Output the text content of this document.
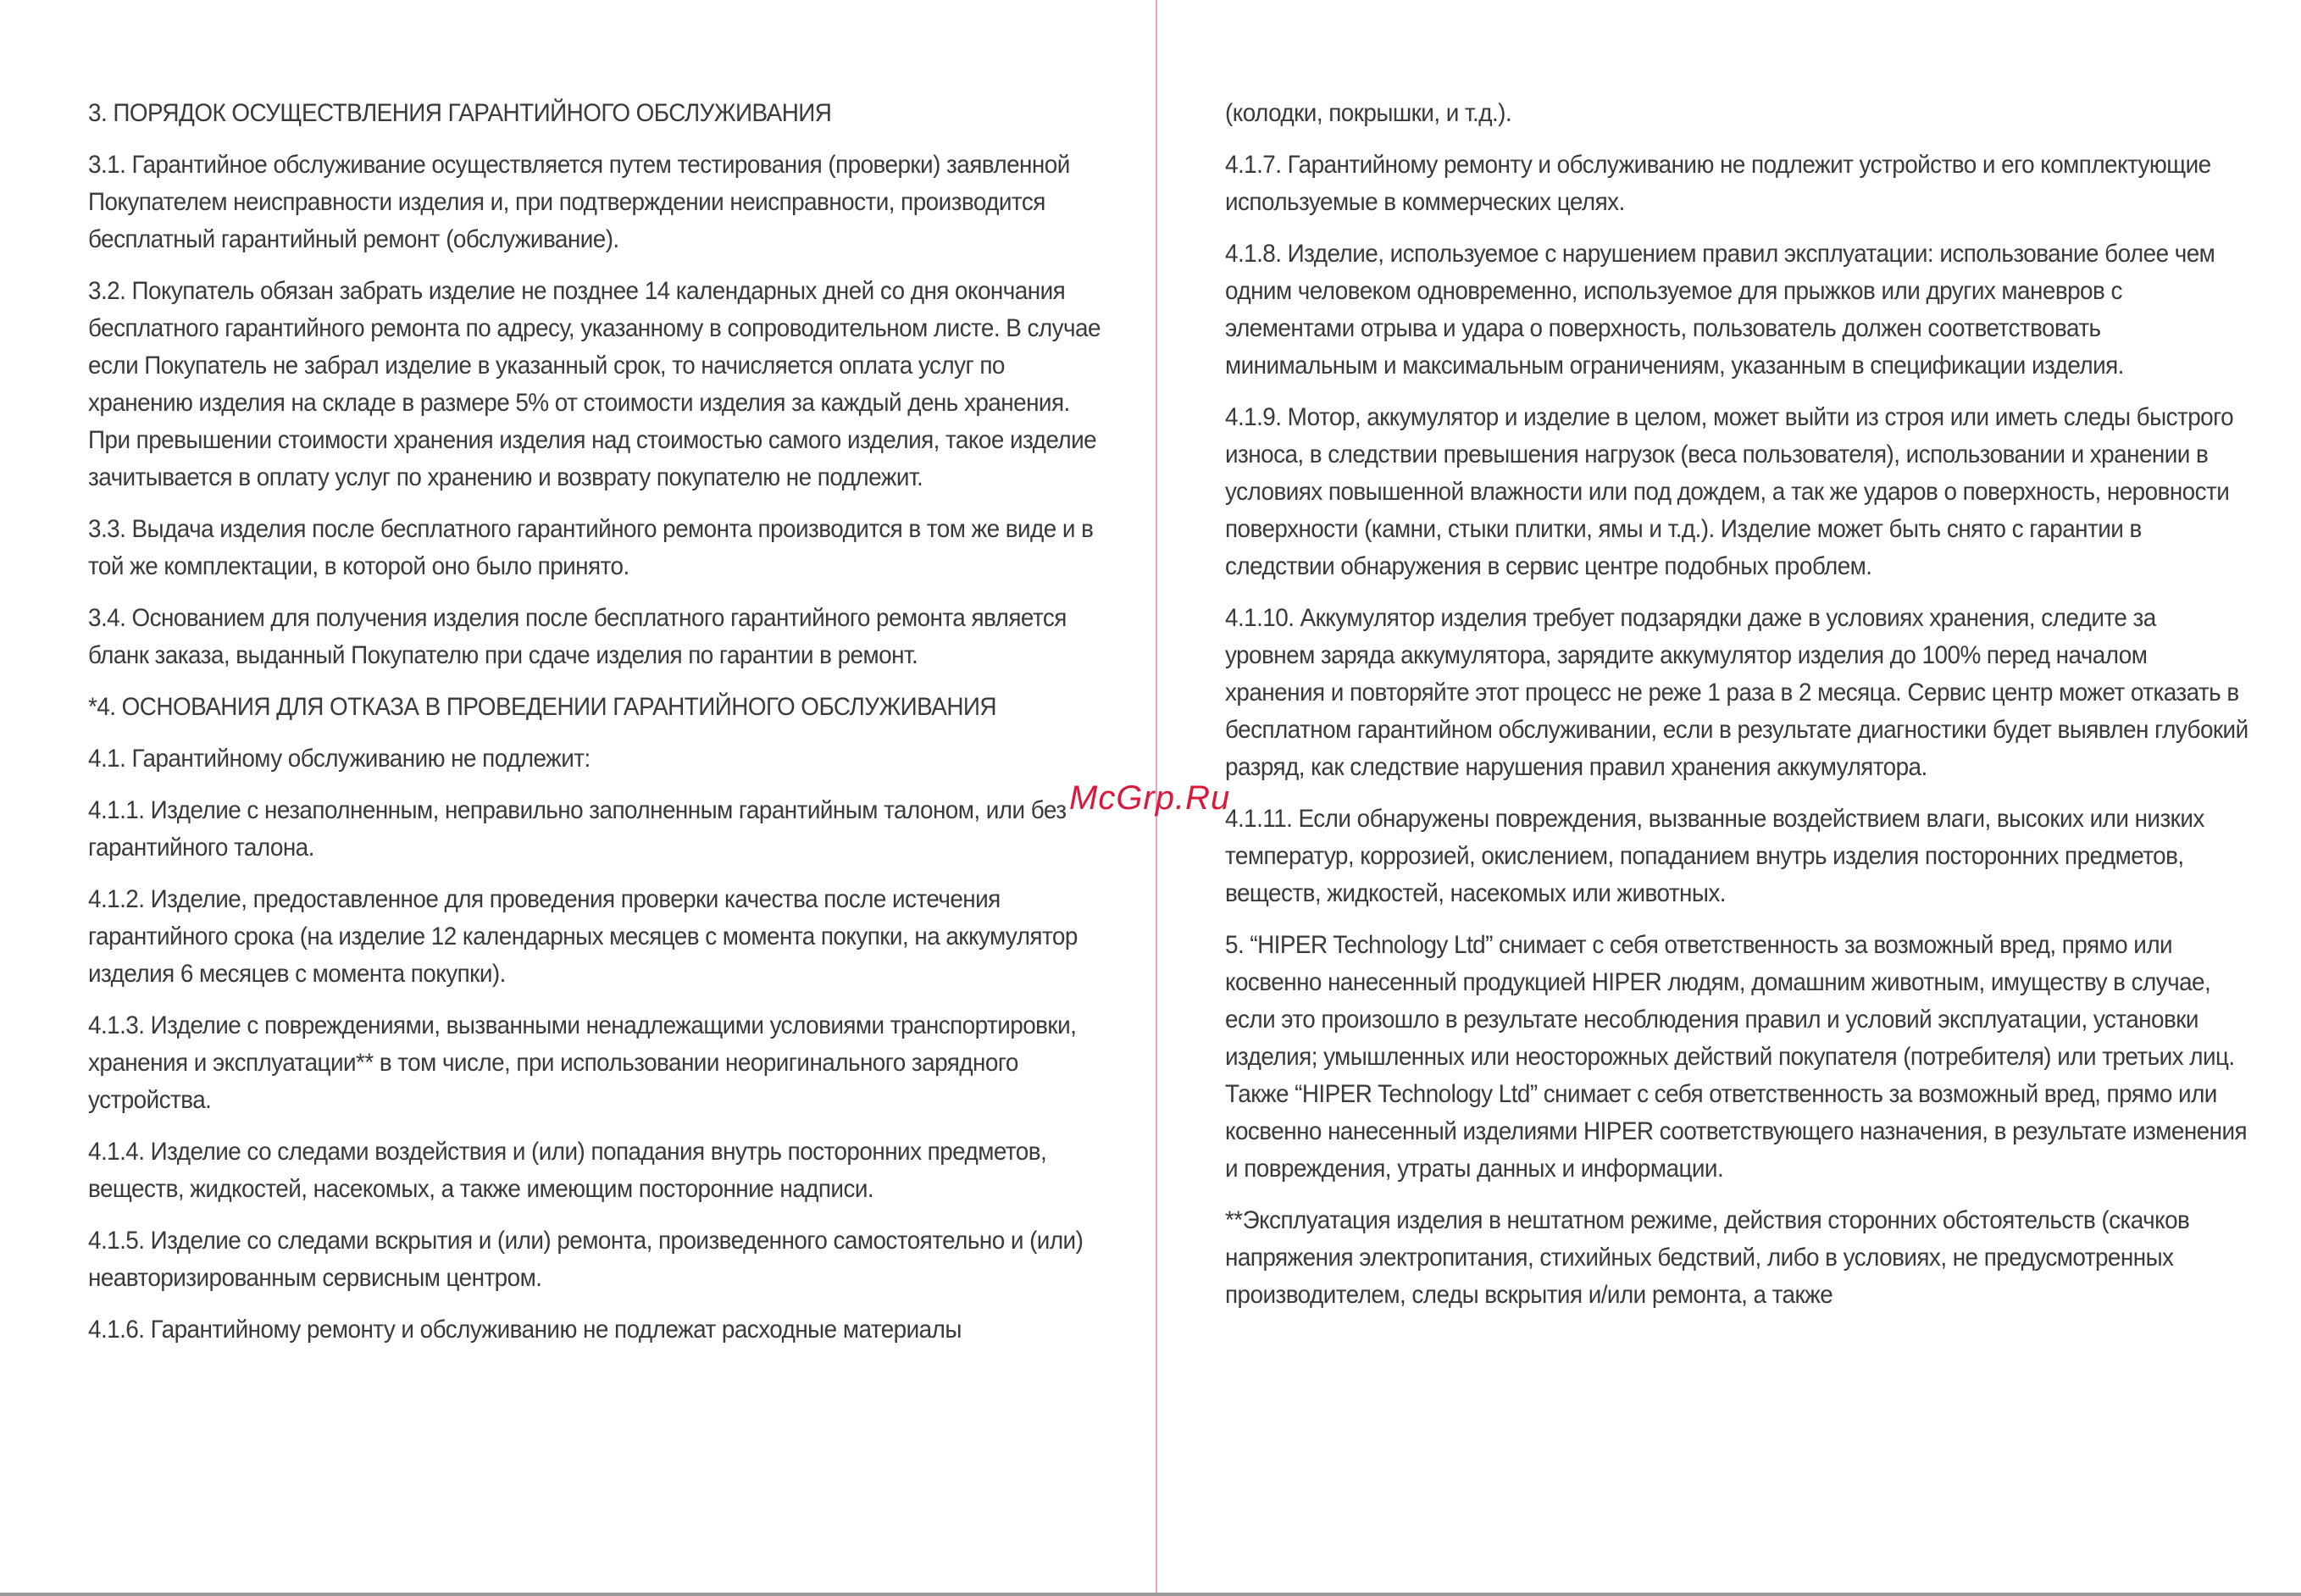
3. ПОРЯДОК ОСУЩЕСТВЛЕНИЯ ГАРАНТИЙНОГО ОБСЛУЖИВАНИЯ

3.1. Гарантийное обслуживание осуществляется путем тестирования (проверки) заявленной Покупателем неисправности изделия и, при подтверждении неисправности, производится бесплатный гарантийный ремонт (обслуживание).

3.2. Покупатель обязан забрать изделие не позднее 14 календарных дней со дня окончания бесплатного гарантийного ремонта по адресу, указанному в сопроводительном листе. В случае если Покупатель не забрал изделие в указанный срок, то начисляется оплата услуг по хранению изделия на складе в размере 5% от стоимости изделия за каждый день хранения. При превышении стоимости хранения изделия над стоимостью самого изделия, такое изделие зачитывается в оплату услуг по хранению и возврату покупателю не подлежит.

3.3. Выдача изделия после бесплатного гарантийного ремонта производится в том же виде и в той же комплектации, в которой оно было принято.

3.4. Основанием для получения изделия после бесплатного гарантийного ремонта является бланк заказа, выданный Покупателю при сдаче изделия по гарантии в ремонт.

*4. ОСНОВАНИЯ ДЛЯ ОТКАЗА В ПРОВЕДЕНИИ ГАРАНТИЙНОГО ОБСЛУЖИВАНИЯ

4.1. Гарантийному обслуживанию не подлежит:

4.1.1. Изделие с незаполненным, неправильно заполненным гарантийным талоном, или без гарантийного талона.

4.1.2. Изделие, предоставленное для проведения проверки качества после истечения гарантийного срока (на изделие 12 календарных месяцев с момента покупки, на аккумулятор изделия 6 месяцев с момента покупки).

4.1.3. Изделие с повреждениями, вызванными ненадлежащими условиями транспортировки, хранения и эксплуатации** в том числе, при использовании неоригинального зарядного устройства.

4.1.4. Изделие со следами воздействия и (или) попадания внутрь посторонних предметов, веществ, жидкостей, насекомых, а также имеющим посторонние надписи.

4.1.5. Изделие со следами вскрытия и (или) ремонта, произведенного самостоятельно и (или) неавторизированным сервисным центром.

4.1.6. Гарантийному ремонту и обслуживанию не подлежат расходные материалы

(колодки, покрышки, и т.д.).

4.1.7. Гарантийному ремонту и обслуживанию не подлежит устройство и его комплектующие используемые в коммерческих целях.

4.1.8. Изделие, используемое с нарушением правил эксплуатации: использование более чем одним человеком одновременно, используемое для прыжков или других маневров с элементами отрыва и удара о поверхность, пользователь должен соответствовать минимальным и максимальным ограничениям, указанным в спецификации изделия.

4.1.9. Мотор, аккумулятор и изделие в целом, может выйти из строя или иметь следы быстрого износа, в следствии превышения нагрузок (веса пользователя), использовании и хранении в условиях повышенной влажности или под дождем, а так же ударов о поверхность, неровности поверхности (камни, стыки плитки, ямы и т.д.). Изделие может быть снято с гарантии в следствии обнаружения в сервис центре подобных проблем.

4.1.10. Аккумулятор изделия требует подзарядки даже в условиях хранения, следите за уровнем заряда аккумулятора, зарядите аккумулятор изделия до 100% перед началом хранения и повторяйте этот процесс не реже 1 раза в 2 месяца. Сервис центр может отказать в бесплатном гарантийном обслуживании, если в результате диагностики будет выявлен глубокий разряд, как следствие нарушения правил хранения аккумулятора.

4.1.11. Если обнаружены повреждения, вызванные воздействием влаги, высоких или низких температур, коррозией, окислением, попаданием внутрь изделия посторонних предметов, веществ, жидкостей, насекомых или животных.

5. “HIPER Technology Ltd” снимает с себя ответственность за возможный вред, прямо или косвенно нанесенный продукцией HIPER людям, домашним животным, имуществу в случае, если это произошло в результате несоблюдения правил и условий эксплуатации, установки изделия; умышленных или неосторожных действий покупателя (потребителя) или третьих лиц. Также “HIPER Technology Ltd” снимает с себя ответственность за возможный вред, прямо или косвенно нанесенный изделиями HIPER соответствующего назначения, в результате изменения и повреждения, утраты данных и информации.

**Эксплуатация изделия в нештатном режиме, действия сторонних обстоятельств (скачков напряжения электропитания, стихийных бедствий, либо в условиях, не предусмотренных производителем, следы вскрытия и/или ремонта, а также

McGrp.Ru
